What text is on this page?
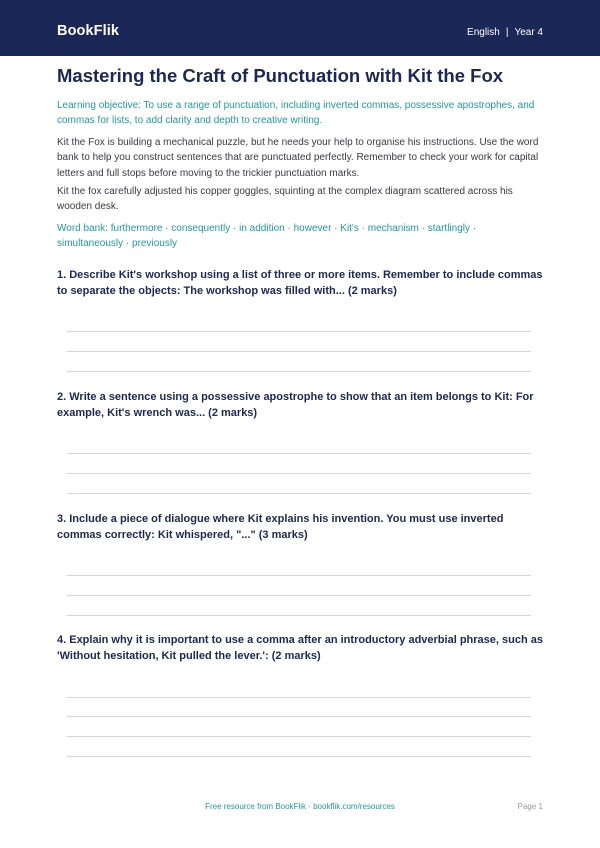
BookFlik	English | Year 4
Mastering the Craft of Punctuation with Kit the Fox

Learning objective: To use a range of punctuation, including inverted commas, possessive apostrophes, and commas for lists, to add clarity and depth to creative writing.

Kit the Fox is building a mechanical puzzle, but he needs your help to organise his instructions. Use the word bank to help you construct sentences that are punctuated perfectly. Remember to check your work for capital letters and full stops before moving to the trickier punctuation marks.

Kit the fox carefully adjusted his copper goggles, squinting at the complex diagram scattered across his wooden desk.

Word bank: furthermore · consequently · in addition · however · Kit's · mechanism · startlingly · simultaneously · previously

1. Describe Kit's workshop using a list of three or more items. Remember to include commas to separate the objects: The workshop was filled with... (2 marks)

2. Write a sentence using a possessive apostrophe to show that an item belongs to Kit: For example, Kit's wrench was... (2 marks)

3. Include a piece of dialogue where Kit explains his invention. You must use inverted commas correctly: Kit whispered, "..." (3 marks)

4. Explain why it is important to use a comma after an introductory adverbial phrase, such as 'Without hesitation, Kit pulled the lever.': (2 marks)

Free resource from BookFlik · bookflik.com/resources	Page 1
